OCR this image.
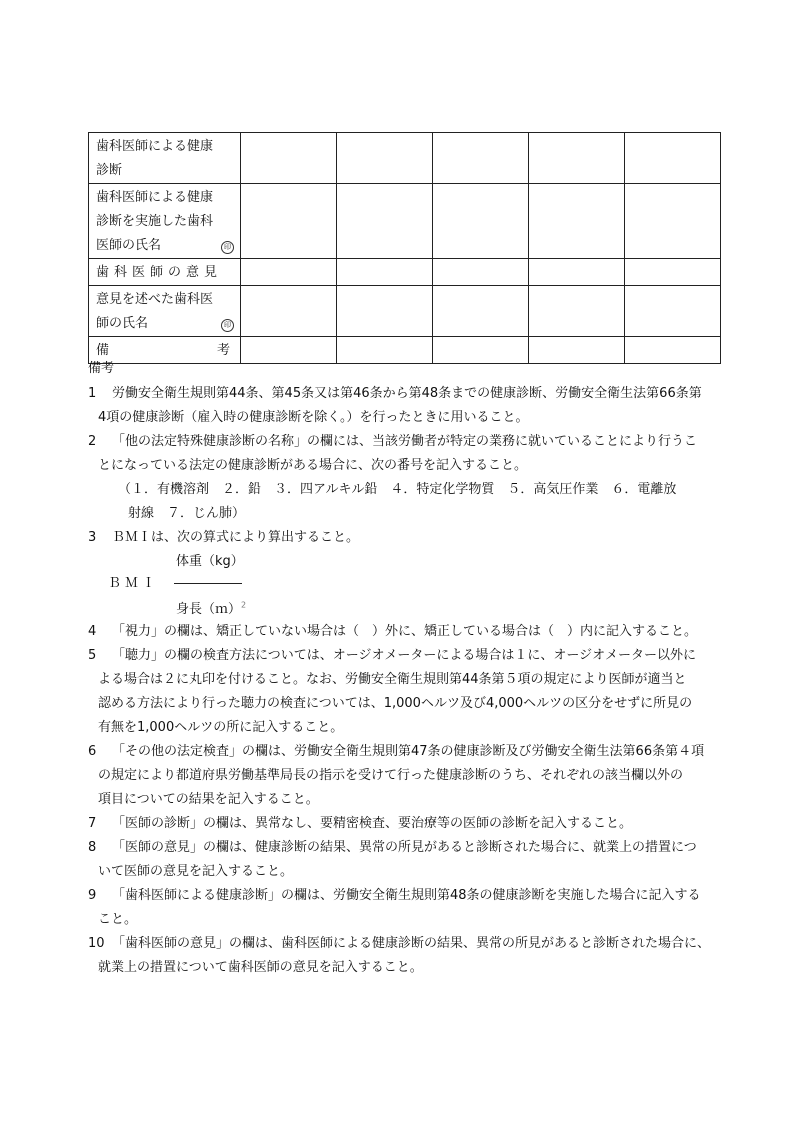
歯科医師による健康
診断					

歯科医師による健康
診断を実施した歯科
医師の氏名 印					

歯科医師の意見					

意見を述べた歯科医
師の氏名 印					

備 考					

備考
1	労働安全衛生規則第44条、第45条又は第46条から第48条までの健康診断、労働安全衛生法第66条第
4項の健康診断（雇入時の健康診断を除く。）を行ったときに用いること。
2	「他の法定特殊健康診断の名称」の欄には、当該労働者が特定の業務に就いていることにより行うこ
とになっている法定の健康診断がある場合に、次の番号を記入すること。
（１．有機溶剤　２．鉛　３．四アルキル鉛　４．特定化学物質　５．高気圧作業　６．電離放
射線　７．じん肺）
3	ＢＭＩは、次の算式により算出すること。
体重（kg）
ＢＭＩ
身長（ｍ）$^2$
4	「視力」の欄は、矯正していない場合は（　）外に、矯正している場合は（　）内に記入すること。
5	「聴力」の欄の検査方法については、オージオメーターによる場合は１に、オージオメーター以外に
よる場合は２に丸印を付けること。なお、労働安全衛生規則第44条第５項の規定により医師が適当と
認める方法により行った聴力の検査については、1,000ヘルツ及び4,000ヘルツの区分をせずに所見の
有無を1,000ヘルツの所に記入すること。
6	「その他の法定検査」の欄は、労働安全衛生規則第47条の健康診断及び労働安全衛生法第66条第４項
の規定により都道府県労働基準局長の指示を受けて行った健康診断のうち、それぞれの該当欄以外の
項目についての結果を記入すること。
7	「医師の診断」の欄は、異常なし、要精密検査、要治療等の医師の診断を記入すること。
8	「医師の意見」の欄は、健康診断の結果、異常の所見があると診断された場合に、就業上の措置につ
いて医師の意見を記入すること。
9	「歯科医師による健康診断」の欄は、労働安全衛生規則第48条の健康診断を実施した場合に記入する
こと。
10 「歯科医師の意見」の欄は、歯科医師による健康診断の結果、異常の所見があると診断された場合に、
就業上の措置について歯科医師の意見を記入すること。
